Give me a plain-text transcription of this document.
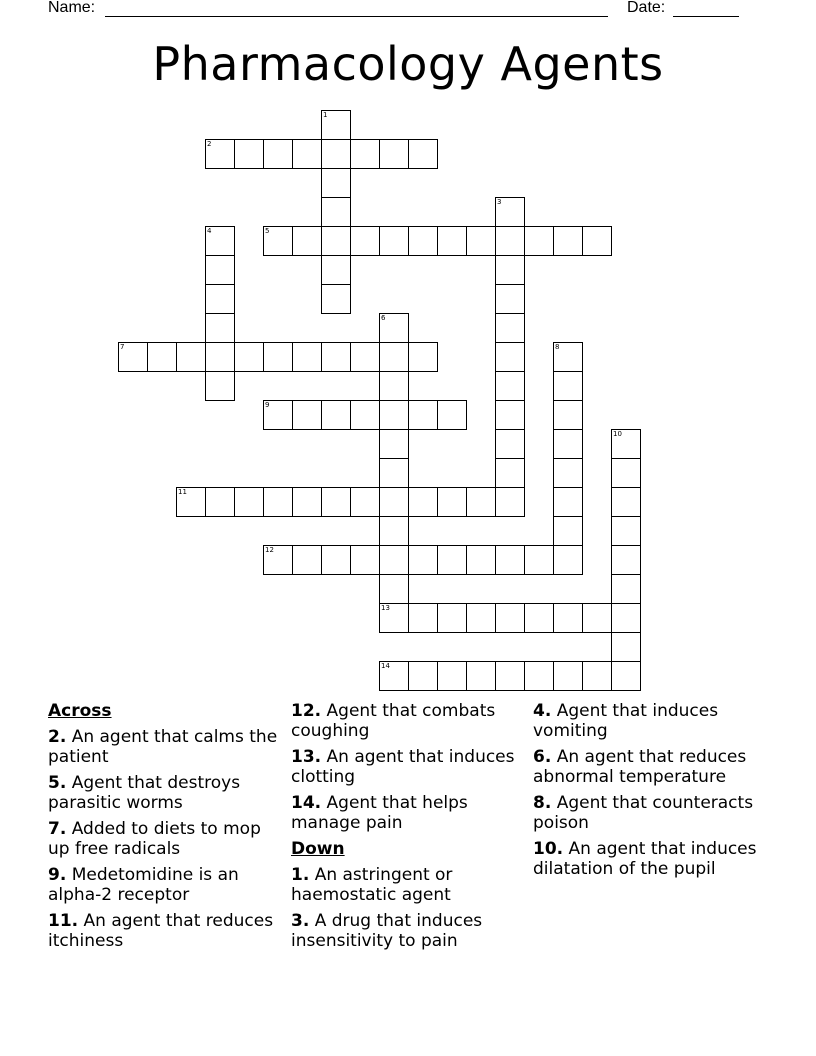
Name:	Date:
Pharmacology Agents
1
2
3
4	5
6
13
7	8
9
10
11
12
14
Across
2. An agent that calms the patient
5. Agent that destroys parasitic worms
7. Added to diets to mop up free radicals
9. Medetomidine is an alpha-2 receptor
11. An agent that reduces itchiness
12. Agent that combats coughing
13. An agent that induces clotting
14. Agent that helps manage pain
Down
1. An astringent or haemostatic agent
3. A drug that induces insensitivity to pain
4. Agent that induces vomiting
6. An agent that reduces abnormal temperature
8. Agent that counteracts poison
10. An agent that induces dilatation of the pupil
